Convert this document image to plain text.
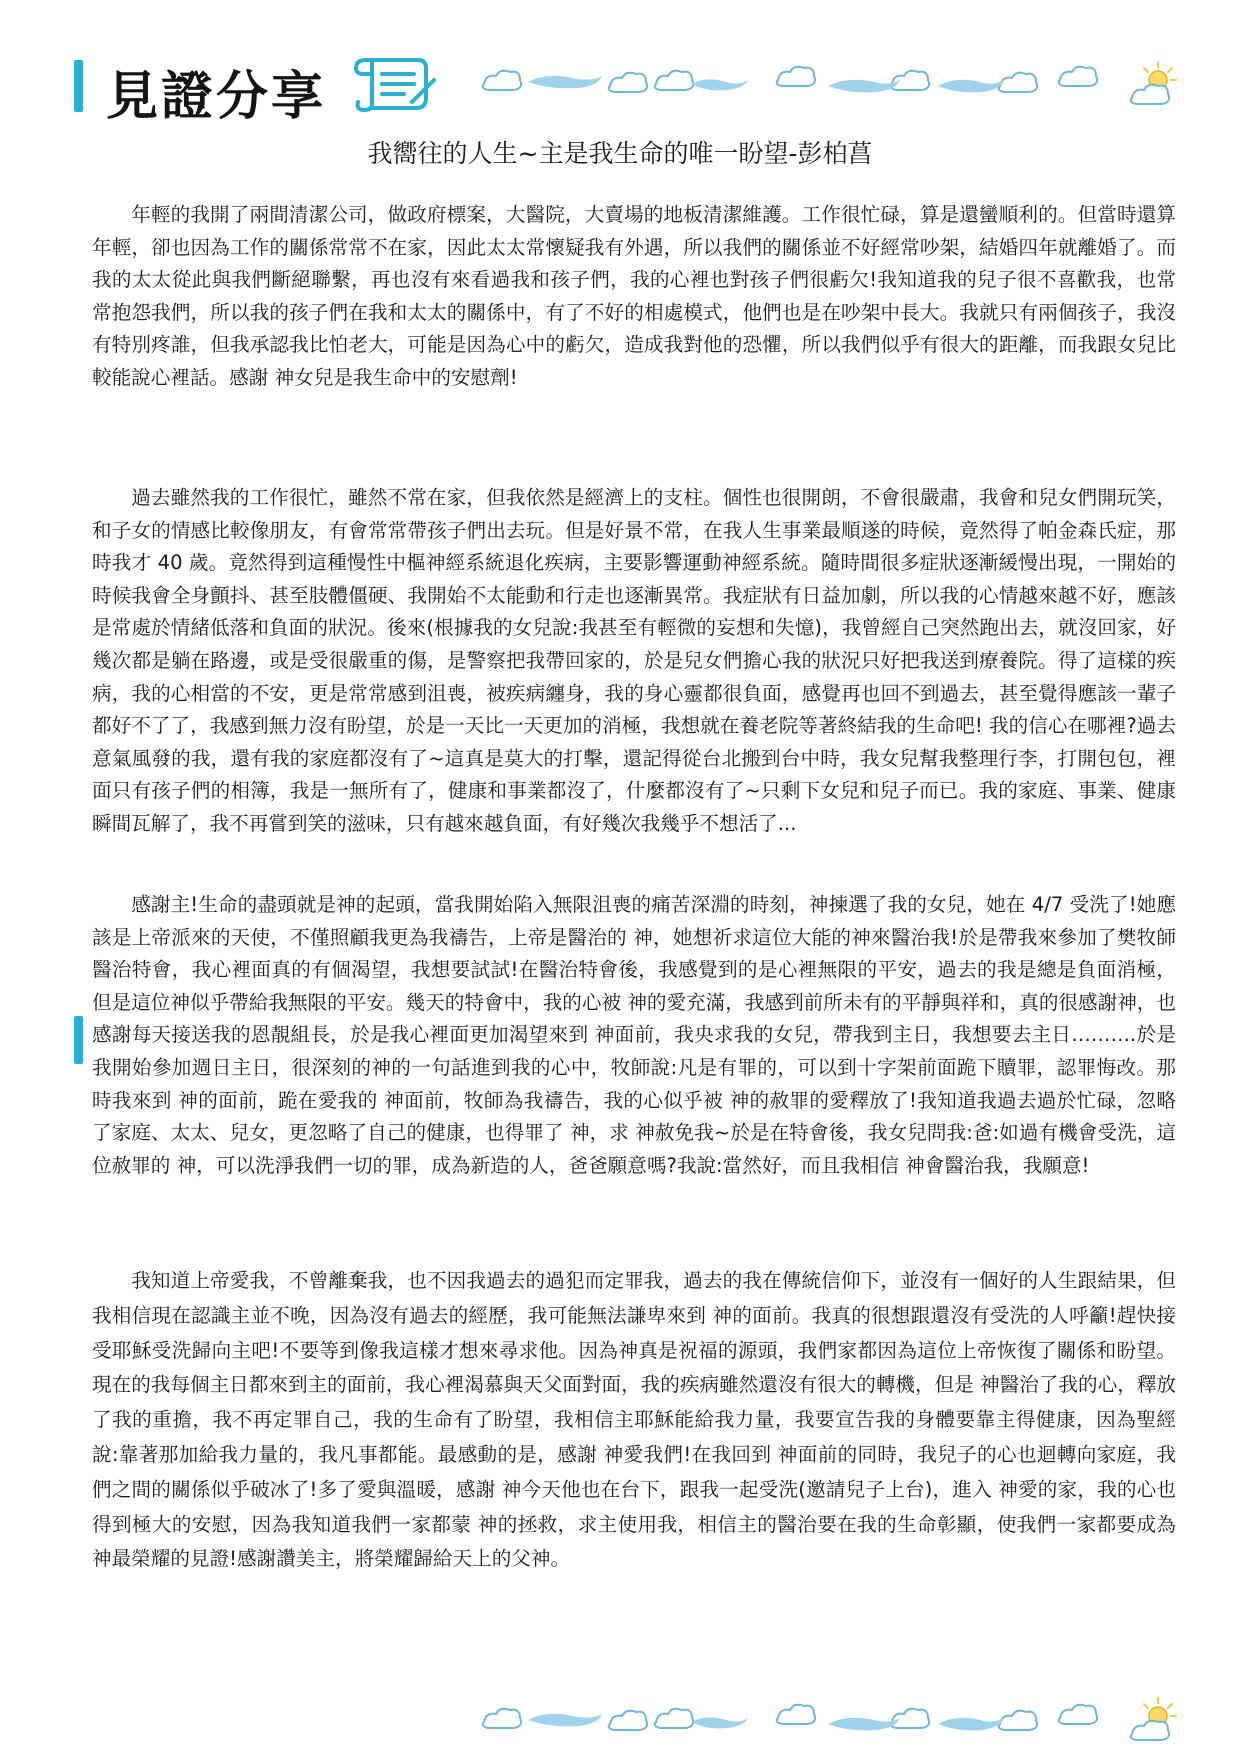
見證分享
我嚮往的人生~主是我生命的唯一盼望-彭柏菖

年輕的我開了兩間清潔公司，做政府標案，大醫院，大賣場的地板清潔維護。工作很忙碌，算是還蠻順利的。但當時還算年輕，卻也因為工作的關係常常不在家，因此太太常懷疑我有外遇，所以我們的關係並不好經常吵架，結婚四年就離婚了。而我的太太從此與我們斷絕聯繫，再也沒有來看過我和孩子們，我的心裡也對孩子們很虧欠!我知道我的兒子很不喜歡我，也常常抱怨我們，所以我的孩子們在我和太太的關係中，有了不好的相處模式，他們也是在吵架中長大。我就只有兩個孩子，我沒有特別疼誰，但我承認我比怕老大，可能是因為心中的虧欠，造成我對他的恐懼，所以我們似乎有很大的距離，而我跟女兒比較能說心裡話。感謝 神女兒是我生命中的安慰劑!

過去雖然我的工作很忙，雖然不常在家，但我依然是經濟上的支柱。個性也很開朗，不會很嚴肅，我會和兒女們開玩笑，和子女的情感比較像朋友，有會常常帶孩子們出去玩。但是好景不常，在我人生事業最順遂的時候，竟然得了帕金森氏症，那時我才 40 歲。竟然得到這種慢性中樞神經系統退化疾病，主要影響運動神經系統。隨時間很多症狀逐漸緩慢出現，一開始的時候我會全身顫抖、甚至肢體僵硬、我開始不太能動和行走也逐漸異常。我症狀有日益加劇，所以我的心情越來越不好，應該是常處於情緒低落和負面的狀況。後來(根據我的女兒說:我甚至有輕微的妄想和失憶)，我曾經自己突然跑出去，就沒回家，好幾次都是躺在路邊，或是受很嚴重的傷，是警察把我帶回家的，於是兒女們擔心我的狀況只好把我送到療養院。得了這樣的疾病，我的心相當的不安，更是常常感到沮喪，被疾病纏身，我的身心靈都很負面，感覺再也回不到過去，甚至覺得應該一輩子都好不了了，我感到無力沒有盼望，於是一天比一天更加的消極，我想就在養老院等著終結我的生命吧! 我的信心在哪裡?過去意氣風發的我，還有我的家庭都沒有了~這真是莫大的打擊，還記得從台北搬到台中時，我女兒幫我整理行李，打開包包，裡面只有孩子們的相簿，我是一無所有了，健康和事業都沒了，什麼都沒有了~只剩下女兒和兒子而已。我的家庭、事業、健康瞬間瓦解了，我不再嘗到笑的滋味，只有越來越負面，有好幾次我幾乎不想活了...

感謝主!生命的盡頭就是神的起頭，當我開始陷入無限沮喪的痛苦深淵的時刻，神揀選了我的女兒，她在 4/7 受洗了!她應該是上帝派來的天使，不僅照顧我更為我禱告，上帝是醫治的 神，她想祈求這位大能的神來醫治我!於是帶我來參加了樊牧師醫治特會，我心裡面真的有個渴望，我想要試試!在醫治特會後，我感覺到的是心裡無限的平安，過去的我是總是負面消極，但是這位神似乎帶給我無限的平安。幾天的特會中，我的心被 神的愛充滿，我感到前所未有的平靜與祥和，真的很感謝神，也感謝每天接送我的恩靚組長，於是我心裡面更加渴望來到 神面前，我央求我的女兒，帶我到主日，我想要去主日……….於是我開始參加週日主日，很深刻的神的一句話進到我的心中，牧師說:凡是有罪的，可以到十字架前面跪下贖罪，認罪悔改。那時我來到 神的面前，跪在愛我的 神面前，牧師為我禱告，我的心似乎被 神的赦罪的愛釋放了!我知道我過去過於忙碌，忽略了家庭、太太、兒女，更忽略了自己的健康，也得罪了 神，求 神赦免我~於是在特會後，我女兒問我:爸:如過有機會受洗，這位赦罪的 神，可以洗淨我們一切的罪，成為新造的人，爸爸願意嗎?我說:當然好，而且我相信 神會醫治我，我願意!

我知道上帝愛我，不曾離棄我，也不因我過去的過犯而定罪我，過去的我在傳統信仰下，並沒有一個好的人生跟結果，但我相信現在認識主並不晚，因為沒有過去的經歷，我可能無法謙卑來到 神的面前。我真的很想跟還沒有受洗的人呼籲!趕快接受耶穌受洗歸向主吧!不要等到像我這樣才想來尋求他。因為神真是祝福的源頭，我們家都因為這位上帝恢復了關係和盼望。現在的我每個主日都來到主的面前，我心裡渴慕與天父面對面，我的疾病雖然還沒有很大的轉機，但是 神醫治了我的心，釋放了我的重擔，我不再定罪自己，我的生命有了盼望，我相信主耶穌能給我力量，我要宣告我的身體要靠主得健康，因為聖經說:靠著那加給我力量的，我凡事都能。最感動的是，感謝 神愛我們!在我回到 神面前的同時，我兒子的心也迴轉向家庭，我們之間的關係似乎破冰了!多了愛與溫暖，感謝 神今天他也在台下，跟我一起受洗(邀請兒子上台)，進入 神愛的家，我的心也得到極大的安慰，因為我知道我們一家都蒙 神的拯救，求主使用我，相信主的醫治要在我的生命彰顯，使我們一家都要成為 神最榮耀的見證!感謝讚美主，將榮耀歸給天上的父神。
